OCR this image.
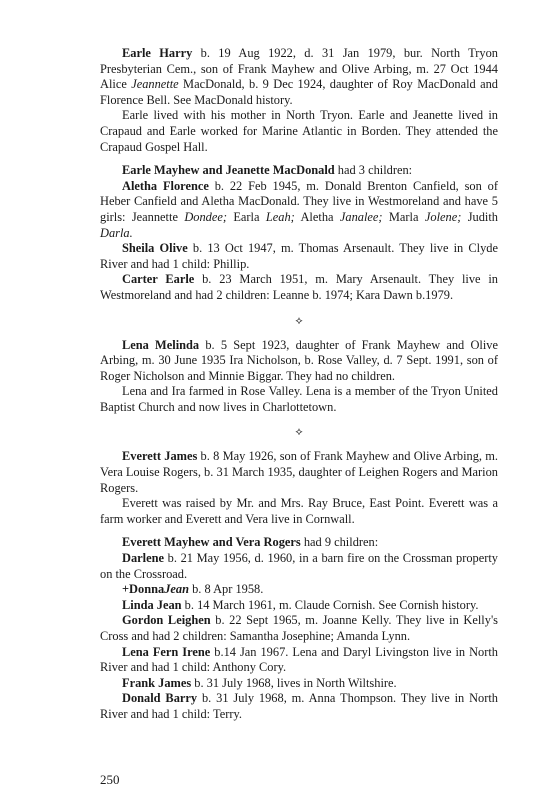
Earle Harry b. 19 Aug 1922, d. 31 Jan 1979, bur. North Tryon Presbyterian Cem., son of Frank Mayhew and Olive Arbing, m. 27 Oct 1944 Alice Jeannette MacDonald, b. 9 Dec 1924, daughter of Roy MacDonald and Florence Bell. See MacDonald history.

Earle lived with his mother in North Tryon. Earle and Jeanette lived in Crapaud and Earle worked for Marine Atlantic in Borden. They attended the Crapaud Gospel Hall.

Earle Mayhew and Jeanette MacDonald had 3 children:

Aletha Florence b. 22 Feb 1945, m. Donald Brenton Canfield, son of Heber Canfield and Aletha MacDonald. They live in Westmoreland and have 5 girls: Jeannette Dondee; Earla Leah; Aletha Janalee; Marla Jolene; Judith Darla.

Sheila Olive b. 13 Oct 1947, m. Thomas Arsenault. They live in Clyde River and had 1 child: Phillip.

Carter Earle b. 23 March 1951, m. Mary Arsenault. They live in Westmoreland and had 2 children: Leanne b. 1974; Kara Dawn b.1979.

⟡

Lena Melinda b. 5 Sept 1923, daughter of Frank Mayhew and Olive Arbing, m. 30 June 1935 Ira Nicholson, b. Rose Valley, d. 7 Sept. 1991, son of Roger Nicholson and Minnie Biggar. They had no children.

Lena and Ira farmed in Rose Valley. Lena is a member of the Tryon United Baptist Church and now lives in Charlottetown.

⟡

Everett James b. 8 May 1926, son of Frank Mayhew and Olive Arbing, m. Vera Louise Rogers, b. 31 March 1935, daughter of Leighen Rogers and Marion Rogers.

Everett was raised by Mr. and Mrs. Ray Bruce, East Point. Everett was a farm worker and Everett and Vera live in Cornwall.

Everett Mayhew and Vera Rogers had 9 children:

Darlene b. 21 May 1956, d. 1960, in a barn fire on the Crossman property on the Crossroad.

+DonnaJean b. 8 Apr 1958.

Linda Jean b. 14 March 1961, m. Claude Cornish. See Cornish history.

Gordon Leighen b. 22 Sept 1965, m. Joanne Kelly. They live in Kelly's Cross and had 2 children: Samantha Josephine; Amanda Lynn.

Lena Fern Irene b.14 Jan 1967. Lena and Daryl Livingston live in North River and had 1 child: Anthony Cory.

Frank James b. 31 July 1968, lives in North Wiltshire.

Donald Barry b. 31 July 1968, m. Anna Thompson. They live in North River and had 1 child: Terry.

250
